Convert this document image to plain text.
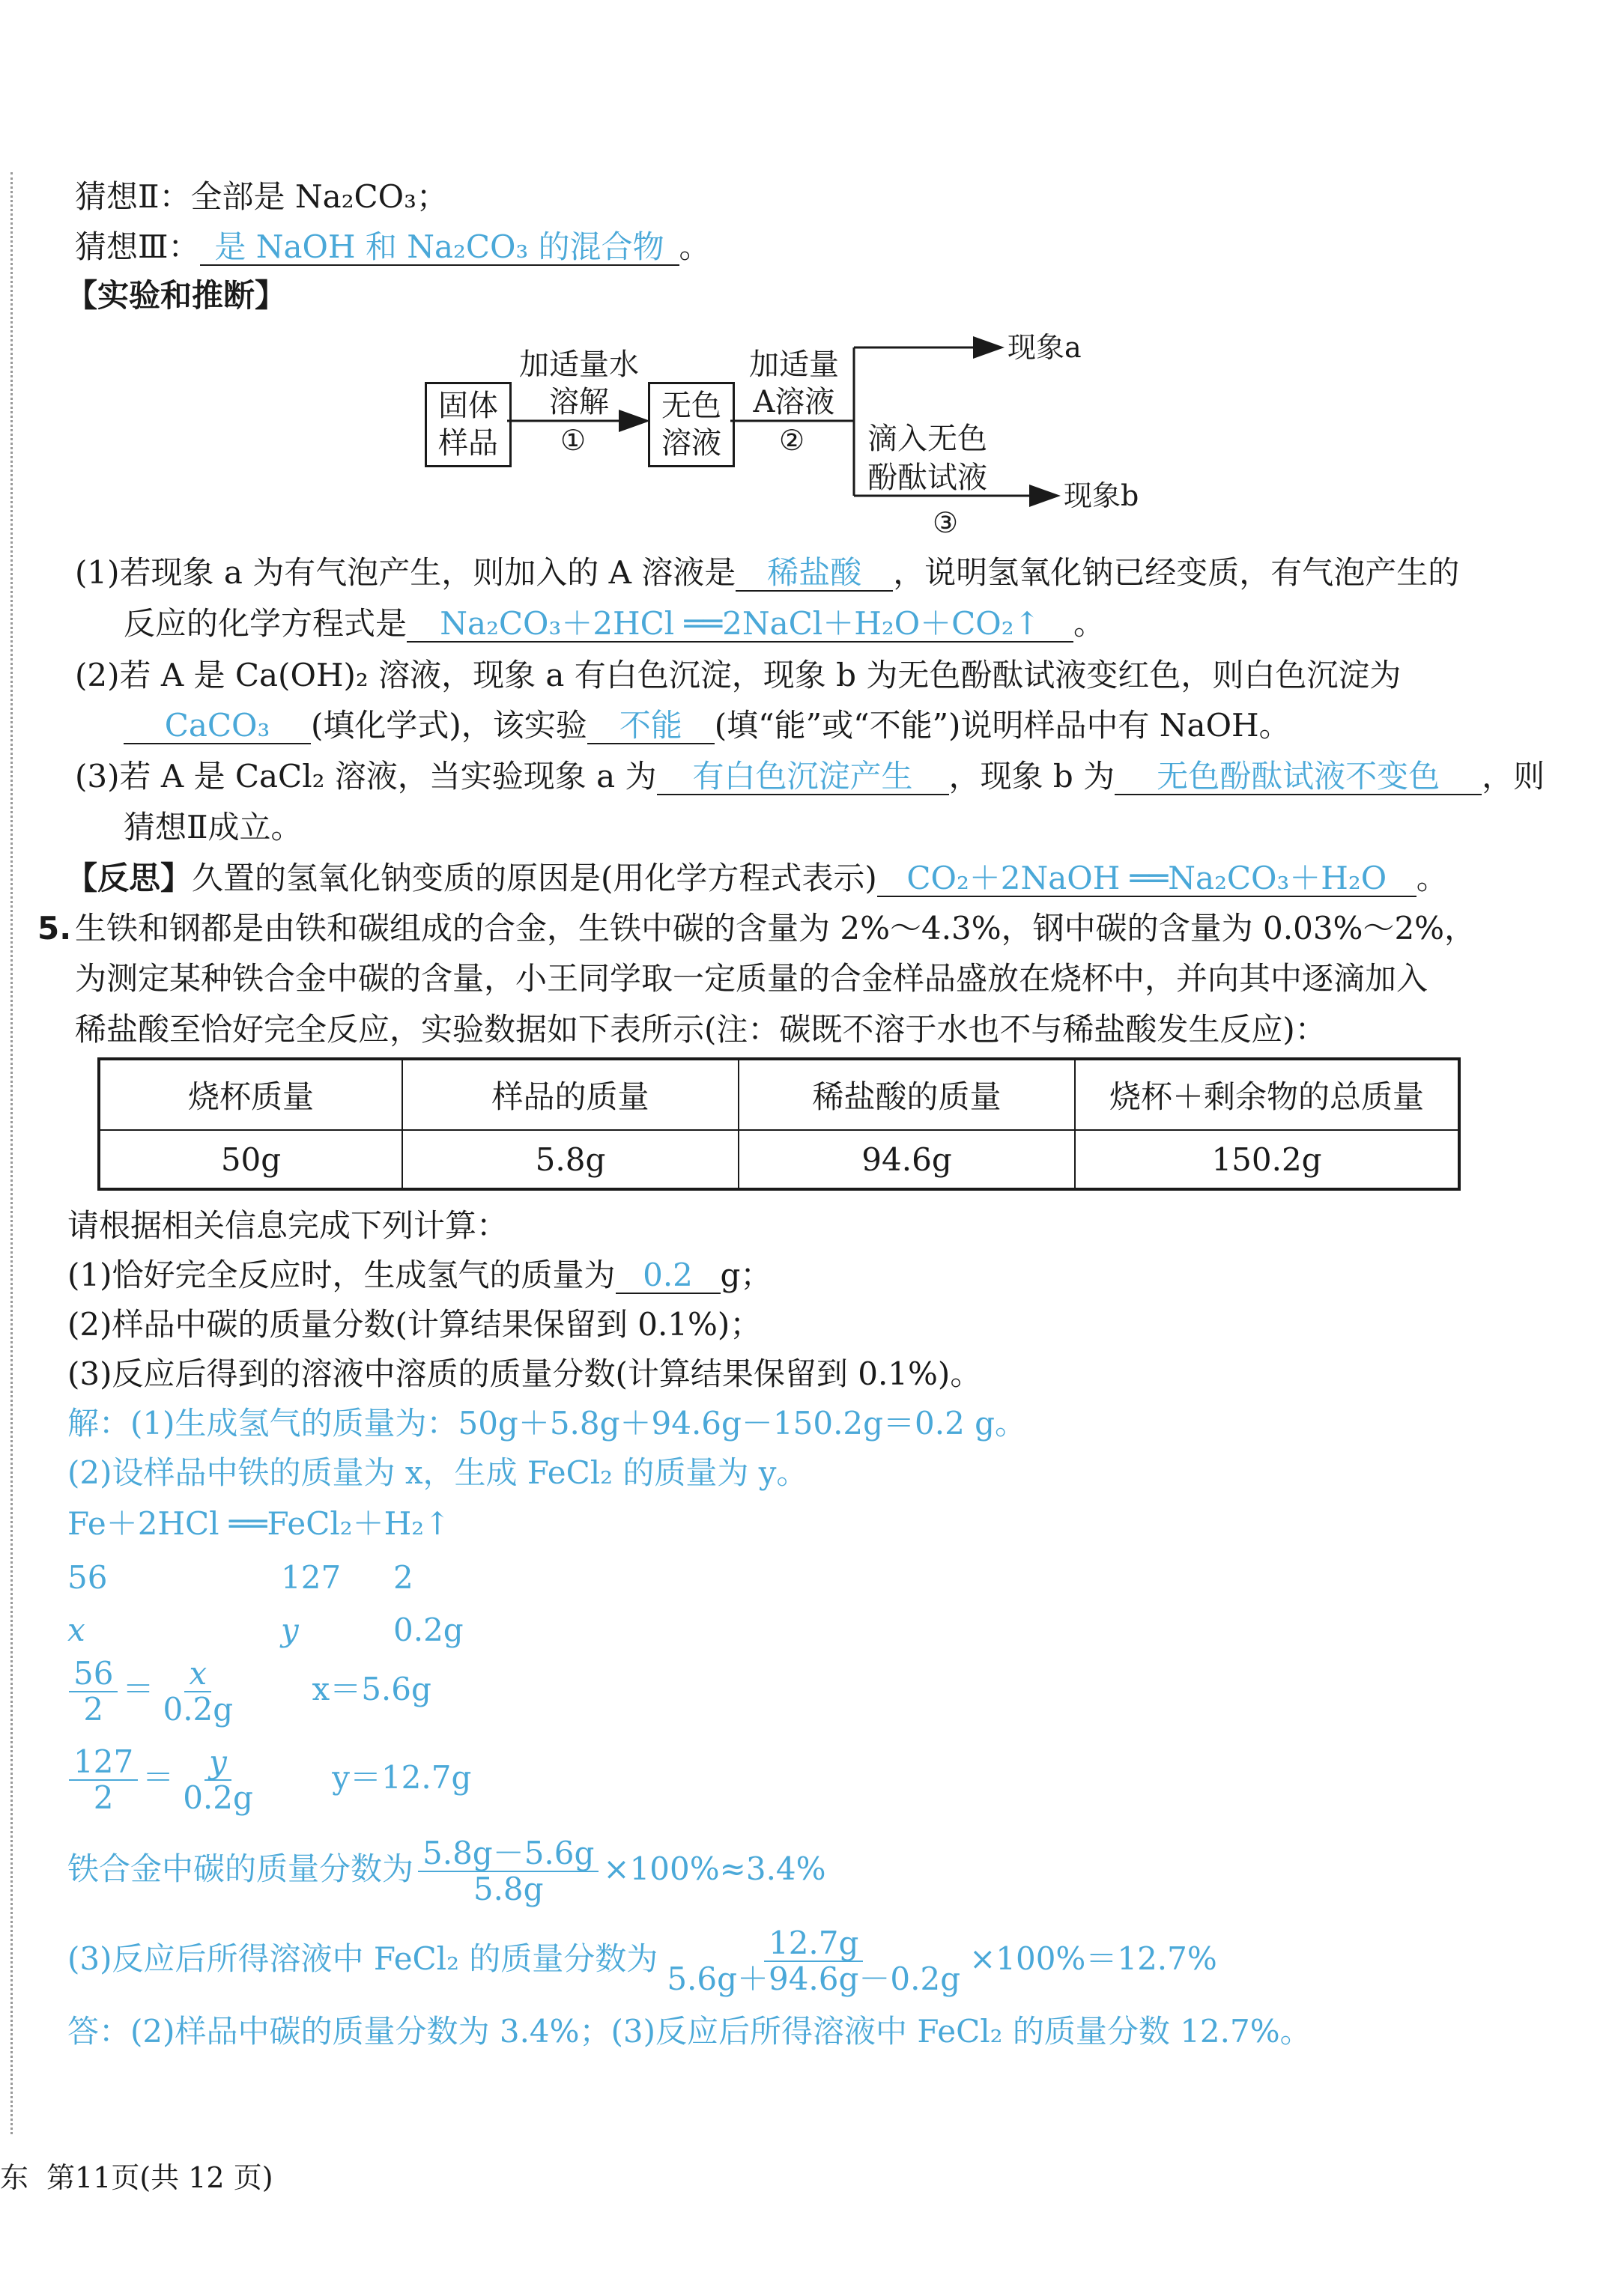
猜想Ⅱ：全部是 Na₂CO₃；
猜想Ⅲ： 是 NaOH 和 Na₂CO₃ 的混合物 。
【实验和推断】
固体
样品
无色
溶液
加适量水
溶解
①
加适量
A溶液
②
现象a
滴入无色
酚酞试液
现象b
③
(1)若现象 a 为有气泡产生，则加入的 A 溶液是 稀盐酸 ，说明氢氧化钠已经变质，有气泡产生的
反应的化学方程式是 Na₂CO₃＋2HCl ══2NaCl＋H₂O＋CO₂↑ 。
(2)若 A 是 Ca(OH)₂ 溶液，现象 a 有白色沉淀，现象 b 为无色酚酞试液变红色，则白色沉淀为
CaCO₃ (填化学式)，该实验 不能 (填“能”或“不能”)说明样品中有 NaOH。
(3)若 A 是 CaCl₂ 溶液，当实验现象 a 为 有白色沉淀产生 ，现象 b 为 无色酚酞试液不变色 ，则
猜想Ⅱ成立。
【反思】久置的氢氧化钠变质的原因是(用化学方程式表示) CO₂＋2NaOH ══Na₂CO₃＋H₂O 。
5. 生铁和钢都是由铁和碳组成的合金，生铁中碳的含量为 2%～4.3%，钢中碳的含量为 0.03%～2%，
为测定某种铁合金中碳的含量，小王同学取一定质量的合金样品盛放在烧杯中，并向其中逐滴加入
稀盐酸至恰好完全反应，实验数据如下表所示(注：碳既不溶于水也不与稀盐酸发生反应)：
烧杯质量	样品的质量	稀盐酸的质量	烧杯＋剩余物的总质量
50g	5.8g	94.6g	150.2g
请根据相关信息完成下列计算：
(1)恰好完全反应时，生成氢气的质量为 0.2 g；
(2)样品中碳的质量分数(计算结果保留到 0.1%)；
(3)反应后得到的溶液中溶质的质量分数(计算结果保留到 0.1%)。
解：(1)生成氢气的质量为：50g＋5.8g＋94.6g－150.2g＝0.2 g。
(2)设样品中铁的质量为 x，生成 FeCl₂ 的质量为 y。
Fe＋2HCl ══FeCl₂＋H₂↑
56	127 2
x	y	0.2g
$\frac{56}{2} = \frac{x}{0.2g} x=5.6g$
$\frac{127}{2} = \frac{y}{0.2g} y=12.7g$
铁合金中碳的质量分数为 $\frac{5.8g-5.6g}{5.8g} \times 100\%\approx 3.4\%$
(3)反应后所得溶液中 FeCl₂ 的质量分数为 $\frac{12.7g}{5.6g+94.6g-0.2g} \times 100\%=12.7\%$
答：(2)样品中碳的质量分数为 3.4%；(3)反应后所得溶液中 FeCl₂ 的质量分数 12.7%。
东 第11页(共 12 页)
